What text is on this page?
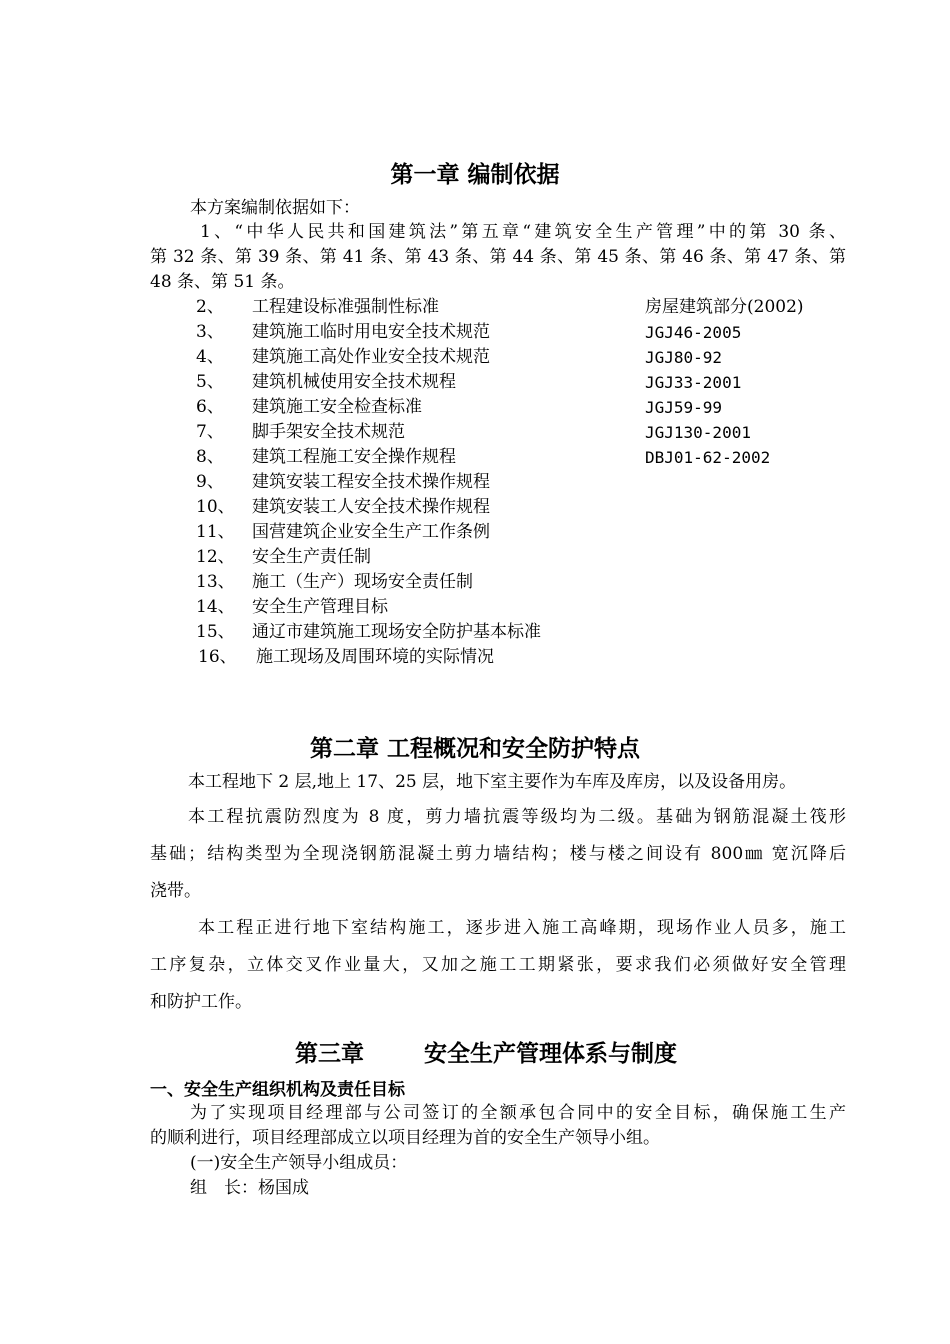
第一章 编制依据
本方案编制依据如下：
1、“中华人民共和国建筑法”第五章“建筑安全生产管理”中的第 30 条、
第 32 条、第 39 条、第 41 条、第 43 条、第 44 条、第 45 条、第 46 条、第 47 条、第
48 条、第 51 条。
2、 工程建设标准强制性标准	房屋建筑部分(2002)
3、 建筑施工临时用电安全技术规范	JGJ46-2005
4、 建筑施工高处作业安全技术规范	JGJ80-92
5、 建筑机械使用安全技术规程	JGJ33-2001
6、 建筑施工安全检查标准	JGJ59-99
7、 脚手架安全技术规范	JGJ130-2001
8、 建筑工程施工安全操作规程	DBJ01-62-2002
9、 建筑安装工程安全技术操作规程
10、 建筑安装工人安全技术操作规程
11、 国营建筑企业安全生产工作条例
12、 安全生产责任制
13、 施工（生产）现场安全责任制
14、 安全生产管理目标
15、 通辽市建筑施工现场安全防护基本标准
16、 施工现场及周围环境的实际情况
第二章 工程概况和安全防护特点
本工程地下 2 层,地上 17、25 层，地下室主要作为车库及库房，以及设备用房。
本工程抗震防烈度为 8 度，剪力墙抗震等级均为二级。基础为钢筋混凝土筏形
基础；结构类型为全现浇钢筋混凝土剪力墙结构；楼与楼之间设有 800㎜ 宽沉降后
浇带。
本工程正进行地下室结构施工，逐步进入施工高峰期，现场作业人员多，施工
工序复杂，立体交叉作业量大，又加之施工工期紧张，要求我们必须做好安全管理
和防护工作。
第三章	安全生产管理体系与制度
一、安全生产组织机构及责任目标
为了实现项目经理部与公司签订的全额承包合同中的安全目标，确保施工生产
的顺利进行，项目经理部成立以项目经理为首的安全生产领导小组。
(一)安全生产领导小组成员：
组　长：杨国成
